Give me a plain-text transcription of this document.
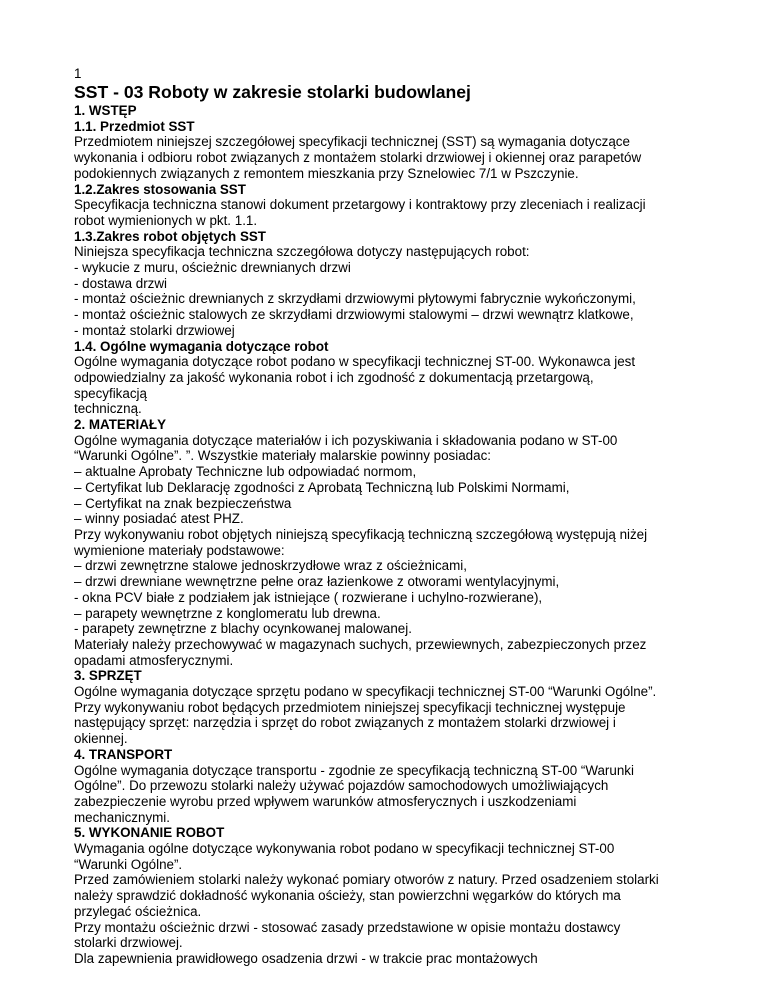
1
SST - 03 Roboty w zakresie stolarki budowlanej
1. WSTĘP
1.1. Przedmiot SST
Przedmiotem niniejszej szczegółowej specyfikacji technicznej (SST) są wymagania dotyczące
wykonania i odbioru robot związanych z montażem stolarki drzwiowej i okiennej oraz parapetów
podokiennych związanych z remontem mieszkania przy Sznelowiec 7/1 w Pszczynie.
1.2.Zakres stosowania SST
Specyfikacja techniczna stanowi dokument przetargowy i kontraktowy przy zleceniach i realizacji
robot wymienionych w pkt. 1.1.
1.3.Zakres robot objętych SST
Niniejsza specyfikacja techniczna szczegółowa dotyczy następujących robot:
- wykucie z muru, ościeżnic drewnianych drzwi
- dostawa drzwi
- montaż ościeżnic drewnianych z skrzydłami drzwiowymi płytowymi fabrycznie wykończonymi,
- montaż ościeżnic stalowych ze skrzydłami drzwiowymi stalowymi – drzwi wewnątrz klatkowe,
- montaż stolarki drzwiowej
1.4. Ogólne wymagania dotyczące robot
Ogólne wymagania dotyczące robot podano w specyfikacji technicznej ST-00. Wykonawca jest
odpowiedzialny za jakość wykonania robot i ich zgodność z dokumentacją przetargową,
specyfikacją
techniczną.
2. MATERIAŁY
Ogólne wymagania dotyczące materiałów i ich pozyskiwania i składowania podano w ST-00
“Warunki Ogólne”. ”. Wszystkie materiały malarskie powinny posiadac:
– aktualne Aprobaty Techniczne lub odpowiadać normom,
– Certyfikat lub Deklarację zgodności z Aprobatą Techniczną lub Polskimi Normami,
– Certyfikat na znak bezpieczeństwa
– winny posiadać atest PHZ.
Przy wykonywaniu robot objętych niniejszą specyfikacją techniczną szczegółową występują niżej
wymienione materiały podstawowe:
– drzwi zewnętrzne stalowe jednoskrzydłowe wraz z ościeżnicami,
– drzwi drewniane wewnętrzne pełne oraz łazienkowe z otworami wentylacyjnymi,
- okna PCV białe z podziałem jak istniejące ( rozwierane i uchylno-rozwierane),
– parapety wewnętrzne z konglomeratu lub drewna.
- parapety zewnętrzne z blachy ocynkowanej malowanej.
Materiały należy przechowywać w magazynach suchych, przewiewnych, zabezpieczonych przez
opadami atmosferycznymi.
3. SPRZĘT
Ogólne wymagania dotyczące sprzętu podano w specyfikacji technicznej ST-00 “Warunki Ogólne”.
Przy wykonywaniu robot będących przedmiotem niniejszej specyfikacji technicznej występuje
następujący sprzęt: narzędzia i sprzęt do robot związanych z montażem stolarki drzwiowej i
okiennej.
4. TRANSPORT
Ogólne wymagania dotyczące transportu - zgodnie ze specyfikacją techniczną ST-00 “Warunki
Ogólne”. Do przewozu stolarki należy używać pojazdów samochodowych umożliwiających
zabezpieczenie wyrobu przed wpływem warunków atmosferycznych i uszkodzeniami
mechanicznymi.
5. WYKONANIE ROBOT
Wymagania ogólne dotyczące wykonywania robot podano w specyfikacji technicznej ST-00
“Warunki Ogólne”.
Przed zamówieniem stolarki należy wykonać pomiary otworów z natury. Przed osadzeniem stolarki
należy sprawdzić dokładność wykonania ościeży, stan powierzchni węgarków do których ma
przylegać ościeżnica.
Przy montażu ościeżnic drzwi - stosować zasady przedstawione w opisie montażu dostawcy
stolarki drzwiowej.
Dla zapewnienia prawidłowego osadzenia drzwi - w trakcie prac montażowych
